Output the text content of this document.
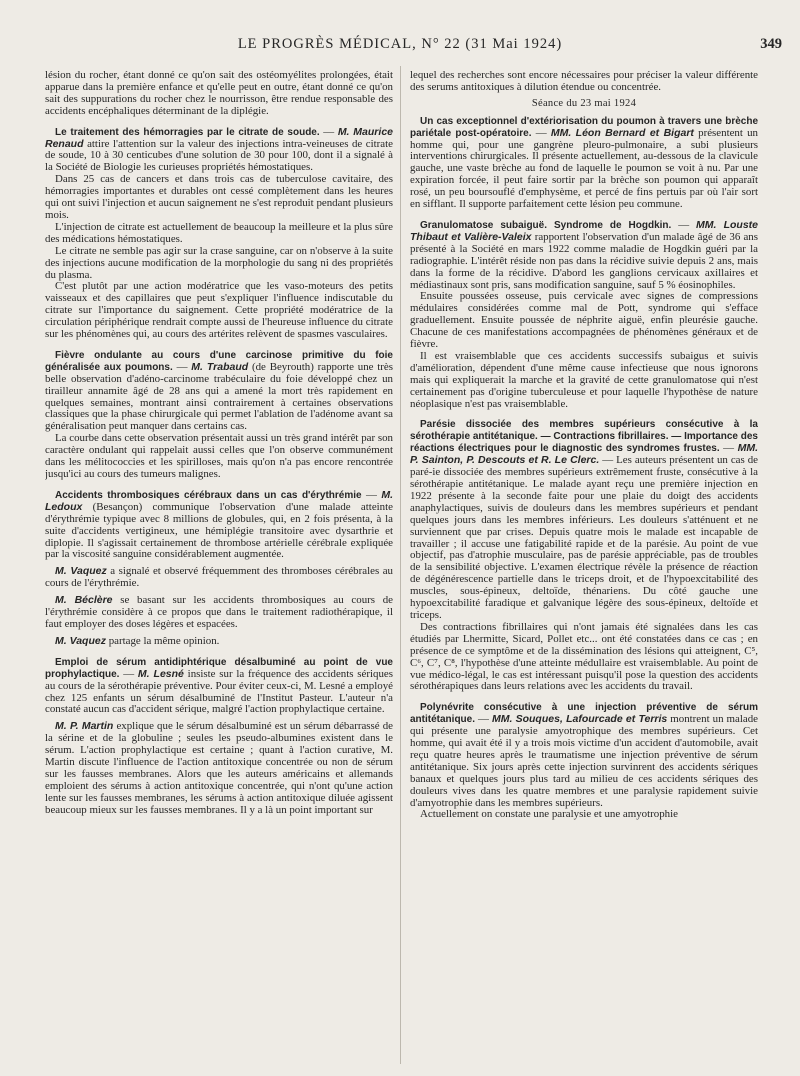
LE PROGRÈS MÉDICAL, N° 22 (31 Mai 1924)	349

lésion du rocher, étant donné ce qu'on sait des ostéomyélites prolongées, était apparue dans la première enfance et qu'elle peut en outre, étant donné ce qu'on sait des suppurations du rocher chez le nourrisson, être rendue responsable des accidents encéphaliques déterminant de la diplégie.

Le traitement des hémorragies par le citrate de soude. — M. Maurice Renaud attire l'attention sur la valeur des injections intra-veineuses de citrate de soude, 10 à 30 centicubes d'une solution de 30 pour 100, dont il a signalé à la Société de Biologie les curieuses propriétés hémostatiques.

Dans 25 cas de cancers et dans trois cas de tuberculose cavitaire, des hémorragies importantes et durables ont cessé complètement dans les heures qui ont suivi l'injection et aucun saignement ne s'est reproduit pendant plusieurs mois.

L'injection de citrate est actuellement de beaucoup la meilleure et la plus sûre des médications hémostatiques.

Le citrate ne semble pas agir sur la crase sanguine, car on n'observe à la suite des injections aucune modification de la morphologie du sang ni des propriétés du plasma.

C'est plutôt par une action modératrice que les vaso-moteurs des petits vaisseaux et des capillaires que peut s'expliquer l'influence indiscutable du citrate sur l'importance du saignement. Cette propriété modératrice de la circulation périphérique rendrait compte aussi de l'heureuse influence du citrate sur les phénomènes qui, au cours des artérites relèvent de spasmes vasculaires.

Fièvre ondulante au cours d'une carcinose primitive du foie généralisée aux poumons. — M. Trabaud (de Beyrouth) rapporte une très belle observation d'adéno-carcinome trabéculaire du foie développé chez un tirailleur annamite âgé de 28 ans qui a amené la mort très rapidement en quelques semaines, montrant ainsi contrairement à certaines observations classiques que la phase chirurgicale qui permet l'ablation de l'adénome avant sa généralisation peut manquer dans certains cas.

La courbe dans cette observation présentait aussi un très grand intérêt par son caractère ondulant qui rappelait aussi celles que l'on observe communément dans les mélitococcies et les spirilloses, mais qu'on n'a pas encore rencontrée jusqu'ici au cours des tumeurs malignes.

Accidents thrombosiques cérébraux dans un cas d'érythrémie — M. Ledoux (Besançon) communique l'observation d'une malade atteinte d'érythrémie typique avec 8 millions de globules, qui, en 2 fois présenta, à la suite d'accidents vertigineux, une hémiplégie transitoire avec dysarthrie et diplopie. Il s'agissait certainement de thrombose artérielle cérébrale expliquée par la viscosité sanguine considérablement augmentée.

M. Vaquez a signalé et observé fréquemment des thromboses cérébrales au cours de l'érythrémie.

M. Béclère se basant sur les accidents thrombosiques au cours de l'érythrémie considère à ce propos que dans le traitement radiothérapique, il faut employer des doses légères et espacées.

M. Vaquez partage la même opinion.

Emploi de sérum antidiphtérique désalbuminé au point de vue prophylactique. — M. Lesné insiste sur la fréquence des accidents sériques au cours de la sérothérapie préventive. Pour éviter ceux-ci, M. Lesné a employé chez 125 enfants un sérum désalbuminé de l'Institut Pasteur. L'auteur n'a constaté aucun cas d'accident sérique, malgré l'action prophylactique certaine.

M. P. Martin explique que le sérum désalbuminé est un sérum débarrassé de la sérine et de la globuline ; seules les pseudo-albumines existent dans le sérum. L'action prophylactique est certaine ; quant à l'action curative, M. Martin discute l'influence de l'action antitoxique concentrée ou non de sérum sur les fausses membranes. Alors que les auteurs américains et allemands emploient des sérums à action antitoxique concentrée, qui n'ont qu'une action lente sur les fausses membranes, les sérums à action antitoxique diluée agissent beaucoup mieux sur les fausses membranes. Il y a là un point important sur

lequel des recherches sont encore nécessaires pour préciser la valeur différente des serums antitoxiques à dilution étendue ou concentrée.

Séance du 23 mai 1924

Un cas exceptionnel d'extériorisation du poumon à travers une brèche pariétale post-opératoire. — MM. Léon Bernard et Bigart présentent un homme qui, pour une gangrène pleuro-pulmonaire, a subi plusieurs interventions chirurgicales. Il présente actuellement, au-dessous de la clavicule gauche, une vaste brèche au fond de laquelle le poumon se voit à nu. Par une expiration forcée, il peut faire sortir par la brèche son poumon qui apparaît rosé, un peu boursouflé d'emphysème, et percé de fins pertuis par où l'air sort en sifflant. Il supporte parfaitement cette lésion peu commune.

Granulomatose subaiguë. Syndrome de Hogdkin. — MM. Louste Thibaut et Valière-Valeix rapportent l'observation d'un malade âgé de 36 ans présenté à la Société en mars 1922 comme maladie de Hogdkin guéri par la radiographie. L'intérêt réside non pas dans la récidive suivie depuis 2 ans, mais dans la forme de la récidive. D'abord les ganglions cervicaux axillaires et médiastinaux sont pris, sans modification sanguine, sauf 5 % éosinophiles.

Ensuite poussées osseuse, puis cervicale avec signes de compressions médulaires considérées comme mal de Pott, syndrome qui s'efface graduellement. Ensuite poussée de néphrite aiguë, enfin pleurésie gauche. Chacune de ces manifestations accompagnées de phénomènes généraux et de fièvre.

Il est vraisemblable que ces accidents successifs subaigus et suivis d'amélioration, dépendent d'une même cause infectieuse que nous ignorons mais qui expliquerait la marche et la gravité de cette granulomatose qui n'est certainement pas d'origine tuberculeuse et pour laquelle l'hypothèse de nature néoplasique n'est pas vraisemblable.

Parésie dissociée des membres supérieurs consécutive à la sérothérapie antitétanique. — Contractions fibrillaires. — Importance des réactions électriques pour le diagnostic des syndromes frustes. — MM. P. Sainton, P. Descouts et R. Le Clerc. — Les auteurs présentent un cas de paré-ie dissociée des membres supérieurs extrêmement fruste, consécutive à la sérothérapie antitétanique. Le malade ayant reçu une première injection en 1922 présente à la seconde faite pour une plaie du doigt des accidents anaphylactiques, suivis de douleurs dans les membres supérieurs et pendant quelques jours dans les membres inférieurs. Les douleurs s'atténuent et ne surviennent que par crises. Depuis quatre mois le malade est incapable de travailler ; il accuse une fatigabilité rapide et de la parésie. Au point de vue objectif, pas d'atrophie musculaire, pas de parésie appréciable, pas de troubles de la sensibilité objective. L'examen électrique révèle la présence de réaction de dégénérescence partielle dans le triceps droit, et de l'hypoexcitabilité des muscles, sous-épineux, deltoïde, thénariens. Du côté gauche une hypoexcitabilité faradique et galvanique légère des sous-épineux, deltoïde et triceps.

Des contractions fibrillaires qui n'ont jamais été signalées dans les cas étudiés par Lhermitte, Sicard, Pollet etc... ont été constatées dans ce cas ; en présence de ce symptôme et de la dissémination des lésions qui atteignent, C⁵, C⁶, C⁷, C⁸, l'hypothèse d'une atteinte médullaire est vraisemblable. Au point de vue médico-légal, le cas est intéressant puisqu'il pose la question des accidents sérothérapiques dans leurs relations avec les accidents du travail.

Polynévrite consécutive à une injection préventive de sérum antitétanique. — MM. Souques, Lafourcade et Terris montrent un malade qui présente une paralysie amyotrophique des membres supérieurs. Cet homme, qui avait été il y a trois mois victime d'un accident d'automobile, avait reçu quatre heures après le traumatisme une injection préventive de sérum antitétanique. Six jours après cette injection survinrent des accidents sériques banaux et quelques jours plus tard au milieu de ces accidents sériques des douleurs vives dans les quatre membres et une paralysie rapidement suivie d'amyotrophie dans les membres supérieurs.

Actuellement on constate une paralysie et une amyotrophie
